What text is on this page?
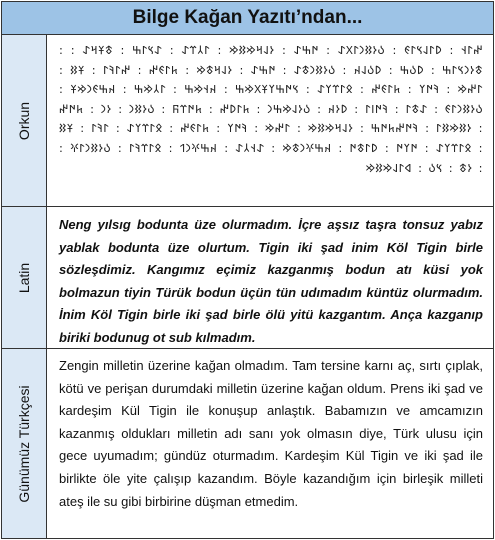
Bilge Kağan Yazıtı’ndan...
Orkun
: 𐰤𐰃𐰭 : 𐰖𐰃𐰞𐰽𐰃𐰏 : 𐰉𐰆𐰑𐰣𐰃𐰓𐰀 : 𐰇𐰕𐰀 : 𐰆𐰞𐰺𐰢𐰑𐰢 : 𐰃𐰲𐰼𐰀 : 𐰀𐰽𐰃𐰕 : 𐱃𐱁𐰺𐰀 : 𐱃𐰆𐰣𐰽𐰃𐰕 : 𐰖𐰉𐰕 : 𐰖𐰉𐰞𐰴 : 𐰉𐰆𐰑𐰣𐱃𐰀 : 𐰇𐰕𐰀 : 𐰆𐰞𐰺𐱃𐰢 : 𐱅𐰃𐰏𐰤 : 𐰤𐰃𐰚𐰃 : 𐱁𐰑 : 𐰃𐰤𐰢 : 𐰚𐰇𐰠 : 𐱅𐰃𐰏𐰤 : 𐰋𐰃𐰼𐰠𐰀 : 𐰽𐰇𐰕𐰠𐱁𐰓𐰢𐰕 : 𐰴𐰭𐰢𐰕 : 𐰃𐰲𐰢𐰕 : 𐰴𐰕𐰏𐰣𐰢𐱁 : 𐰉𐰆𐰑𐰣𐰃𐰏 : 𐰀𐱃𐰃 : 𐰚𐰇𐰾𐰃 : 𐰖𐰆𐰴 : 𐰉𐰆𐰞𐰢𐰕𐰣 : 𐱅𐰃𐰖𐰤 : 𐱅𐰇𐰼𐰜 : 𐰉𐰆𐰑𐰣 : 𐰆𐰣 : 𐱅𐰇𐰤 : 𐰆𐰑𐰢𐰑𐰃 : 𐰚𐰇𐰤𐱅𐰇𐰕 : 𐰆𐰞𐰺𐰢𐰑𐰢 : 𐰃𐰤𐰢 : 𐰚𐰇𐰠 : 𐱅𐰃𐰏𐰤 : 𐰋𐰃𐰼𐰠𐰀 : 𐰃𐰚𐰃 : 𐱁𐰑 : 𐰋𐰃𐰼𐰠𐰀 : 𐰇𐰠𐰇 : 𐰖𐰃𐱃𐰇 : 𐰴𐰕𐰍𐰣𐱃𐰢 : 𐰀𐰭𐰲𐰀 : 𐰴𐰕𐰍𐰣𐰯 : 𐰋𐰃𐰼𐰚𐰃 : 𐰉𐰆𐰑𐰣𐰃𐰍 : 𐰆𐱃 : 𐰽𐰉 : 𐰶𐰃𐰞𐰢𐰑𐰢 :
Latin
Neng yılsıg bodunta üze olurmadım. İçre aşsız taşra tonsuz yabız yablak bodunta üze olurtum. Tigin iki şad inim Köl Tigin birle sözleşdimiz. Kangımız eçimiz kazganmış bodun atı küsi yok bolmazun tiyin Türük bodun üçün tün udımadım küntüz olurmadım. İnim Köl Tigin birle iki şad birle ölü yitü kazgantım. Ança kazganıp biriki bodunug ot sub kılmadım.
Günümüz Türkçesi
Zengin milletin üzerine kağan olmadım. Tam tersine karnı aç, sırtı çıplak, kötü ve perişan durumdaki milletin üzerine kağan oldum. Prens iki şad ve kardeşim Kül Tigin ile konuşup anlaştık. Babamızın ve amcamızın kazanmış oldukları milletin adı sanı yok olmasın diye, Türk ulusu için gece uyumadım; gündüz oturmadım. Kardeşim Kül Tigin ve iki şad ile birlikte öle yite çalışıp kazandım. Böyle kazandığım için birleşik milleti ateş ile su gibi birbirine düşman etmedim.
